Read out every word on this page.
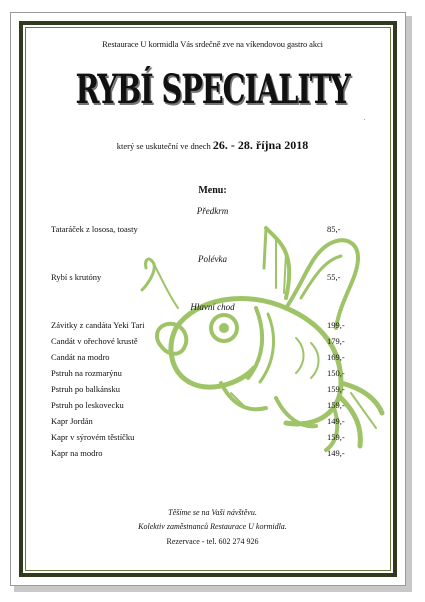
Restaurace U kormidla Vás srdečně zve na víkendovou gastro akci
RYBÍ SPECIALITY
.
který se uskuteční ve dnech 26. - 28. října 2018
Menu:
Předkrm
Tataráček z lososa, toasty	85,-
Polévka
Rybí s krutóny	55,-
Hlavní chod
Závitky z candáta Yeki Tari	199,-
Candát v ořechové krustě	179,-
Candát na modro	169,-
Pstruh na rozmarýnu	150,-
Pstruh po balkánsku	159,-
Pstruh po leskovecku	159,-
Kapr Jordán	149,-
Kapr v sýrovém těstíčku	159,-
Kapr na modro	149,-
Těšíme se na Vaši návštěvu.
Kolektiv zaměstnanců Restaurace U kormidla.
Rezervace - tel. 602 274 926
